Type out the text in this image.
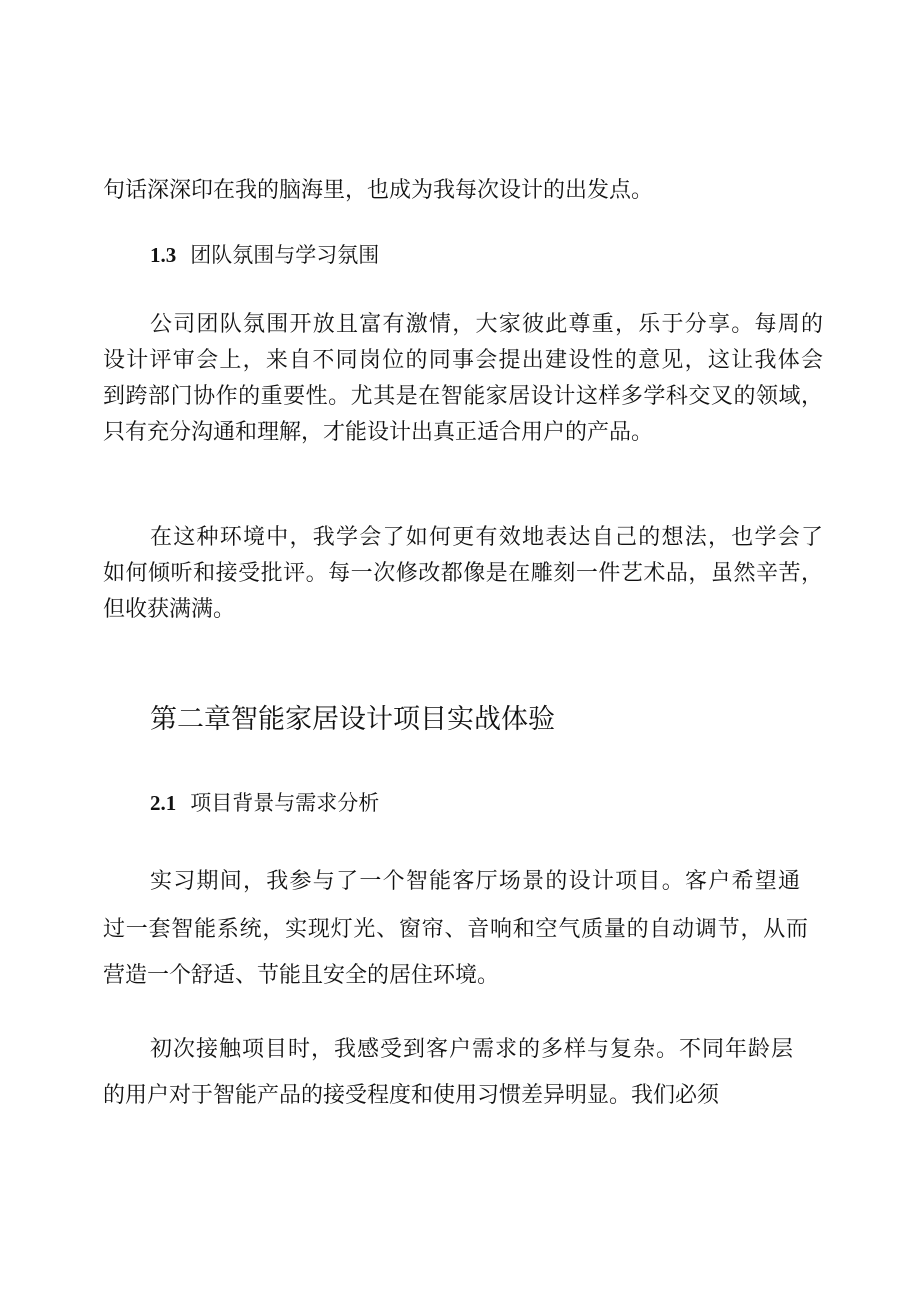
句话深深印在我的脑海里，也成为我每次设计的出发点。
1.3 团队氛围与学习氛围
公司团队氛围开放且富有激情，大家彼此尊重，乐于分享。每周的
设计评审会上，来自不同岗位的同事会提出建设性的意见，这让我体会
到跨部门协作的重要性。尤其是在智能家居设计这样多学科交叉的领域，
只有充分沟通和理解，才能设计出真正适合用户的产品。
在这种环境中，我学会了如何更有效地表达自己的想法，也学会了
如何倾听和接受批评。每一次修改都像是在雕刻一件艺术品，虽然辛苦，
但收获满满。
第二章智能家居设计项目实战体验
2.1 项目背景与需求分析
实习期间，我参与了一个智能客厅场景的设计项目。客户希望通
过一套智能系统，实现灯光、窗帘、音响和空气质量的自动调节，从而
营造一个舒适、节能且安全的居住环境。
初次接触项目时，我感受到客户需求的多样与复杂。不同年龄层
的用户对于智能产品的接受程度和使用习惯差异明显。我们必须
